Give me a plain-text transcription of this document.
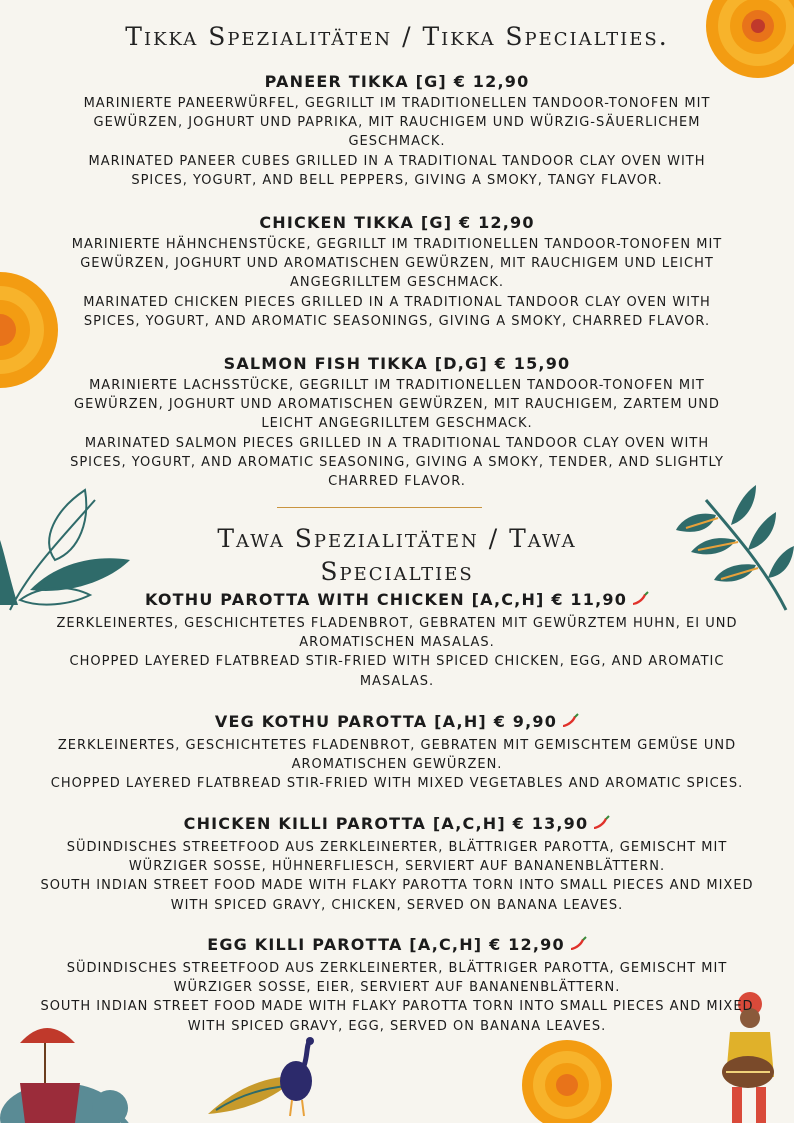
Tikka Spezialitäten / Tikka Specialties.
PANEER TIKKA [G] € 12,90
MARINIERTE PANEERWÜRFEL, GEGRILLT IM TRADITIONELLEN TANDOOR-TONOFEN MIT
GEWÜRZEN, JOGHURT UND PAPRIKA, MIT RAUCHIGEM UND WÜRZIG-SÄUERLICHEM
GESCHMACK.
MARINATED PANEER CUBES GRILLED IN A TRADITIONAL TANDOOR CLAY OVEN WITH
SPICES, YOGURT, AND BELL PEPPERS, GIVING A SMOKY, TANGY FLAVOR.
CHICKEN TIKKA [G] € 12,90
MARINIERTE HÄHNCHENSTÜCKE, GEGRILLT IM TRADITIONELLEN TANDOOR-TONOFEN MIT
GEWÜRZEN, JOGHURT UND AROMATISCHEN GEWÜRZEN, MIT RAUCHIGEM UND LEICHT
ANGEGRILLTEM GESCHMACK.
MARINATED CHICKEN PIECES GRILLED IN A TRADITIONAL TANDOOR CLAY OVEN WITH
SPICES, YOGURT, AND AROMATIC SEASONINGS, GIVING A SMOKY, CHARRED FLAVOR.
SALMON FISH TIKKA [D,G] € 15,90
MARINIERTE LACHSSTÜCKE, GEGRILLT IM TRADITIONELLEN TANDOOR-TONOFEN MIT
GEWÜRZEN, JOGHURT UND AROMATISCHEN GEWÜRZEN, MIT RAUCHIGEM, ZARTEM UND
LEICHT ANGEGRILLTEM GESCHMACK.
MARINATED SALMON PIECES GRILLED IN A TRADITIONAL TANDOOR CLAY OVEN WITH
SPICES, YOGURT, AND AROMATIC SEASONING, GIVING A SMOKY, TENDER, AND SLIGHTLY
CHARRED FLAVOR.
Tawa Spezialitäten / Tawa
Specialties
KOTHU PAROTTA WITH CHICKEN [A,C,H] € 11,90
ZERKLEINERTES, GESCHICHTETES FLADENBROT, GEBRATEN MIT GEWÜRZTEM HUHN, EI UND
AROMATISCHEN MASALAS.
CHOPPED LAYERED FLATBREAD STIR-FRIED WITH SPICED CHICKEN, EGG, AND AROMATIC
MASALAS.
VEG KOTHU PAROTTA [A,H] € 9,90
ZERKLEINERTES, GESCHICHTETES FLADENBROT, GEBRATEN MIT GEMISCHTEM GEMÜSE UND
AROMATISCHEN GEWÜRZEN.
CHOPPED LAYERED FLATBREAD STIR-FRIED WITH MIXED VEGETABLES AND AROMATIC SPICES.
CHICKEN KILLI PAROTTA [A,C,H] € 13,90
SÜDINDISCHES STREETFOOD AUS ZERKLEINERTER, BLÄTTRIGER PAROTTA, GEMISCHT MIT
WÜRZIGER SOSSE, HÜHNERFLIESCH, SERVIERT AUF BANANENBLÄTTERN.
SOUTH INDIAN STREET FOOD MADE WITH FLAKY PAROTTA TORN INTO SMALL PIECES AND MIXED
WITH SPICED GRAVY, CHICKEN, SERVED ON BANANA LEAVES.
EGG KILLI PAROTTA [A,C,H] € 12,90
SÜDINDISCHES STREETFOOD AUS ZERKLEINERTER, BLÄTTRIGER PAROTTA, GEMISCHT MIT
WÜRZIGER SOSSE, EIER, SERVIERT AUF BANANENBLÄTTERN.
SOUTH INDIAN STREET FOOD MADE WITH FLAKY PAROTTA TORN INTO SMALL PIECES AND MIXED
WITH SPICED GRAVY, EGG, SERVED ON BANANA LEAVES.
